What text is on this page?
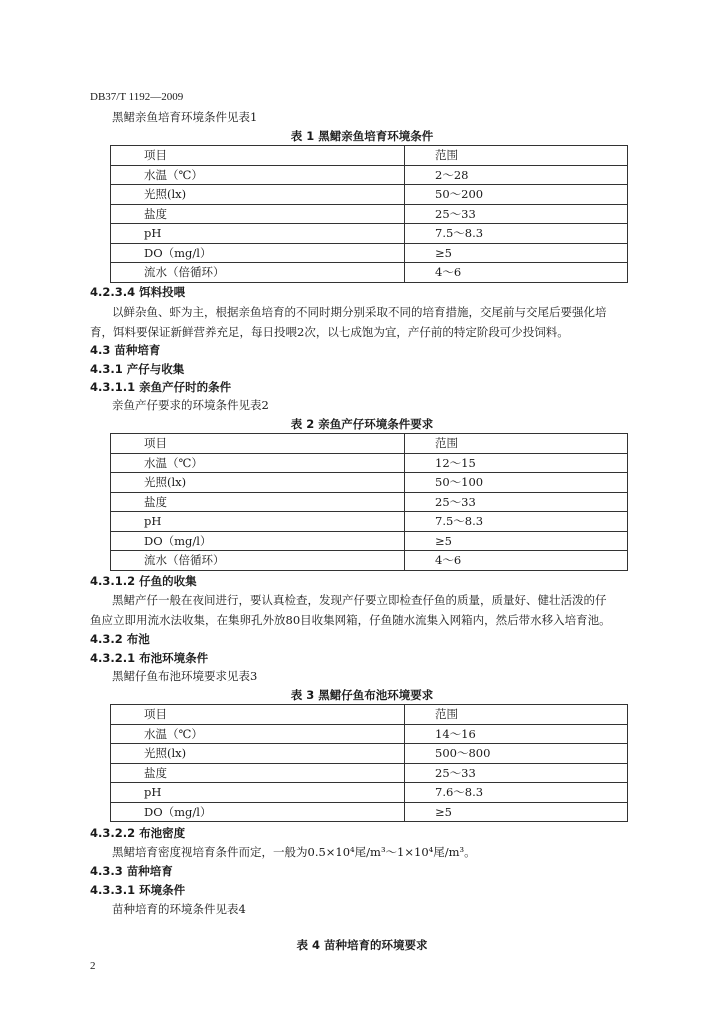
DB37/T 1192—2009
黑鲪亲鱼培育环境条件见表1
表 1 黑鲪亲鱼培育环境条件
项目	范围
水温（℃）	2～28
光照(lx)	50～200
盐度	25～33
pH	7.5～8.3
DO（mg/l）	≥5
流水（倍循环）	4～6
4.2.3.4 饵料投喂

以鲜杂鱼、虾为主，根据亲鱼培育的不同时期分别采取不同的培育措施，交尾前与交尾后要强化培

育，饵料要保证新鲜营养充足，每日投喂2次，以七成饱为宜，产仔前的特定阶段可少投饲料。

4.3 苗种培育
4.3.1 产仔与收集
4.3.1.1 亲鱼产仔时的条件
亲鱼产仔要求的环境条件见表2
表 2 亲鱼产仔环境条件要求
项目	范围
水温（℃）	12～15
光照(lx)	50～100
盐度	25～33
pH	7.5～8.3
DO（mg/l）	≥5
流水（倍循环）	4～6
4.3.1.2 仔鱼的收集

黑鲪产仔一般在夜间进行，要认真检查，发现产仔要立即检查仔鱼的质量，质量好、健壮活泼的仔

鱼应立即用流水法收集，在集卵孔外放80目收集网箱，仔鱼随水流集入网箱内，然后带水移入培育池。

4.3.2 布池
4.3.2.1 布池环境条件
黑鲪仔鱼布池环境要求见表3
表 3 黑鲪仔鱼布池环境要求
项目	范围
水温（℃）	14～16
光照(lx)	500～800
盐度	25～33
pH	7.6～8.3
DO（mg/l）	≥5
4.3.2.2 布池密度
黑鲪培育密度视培育条件而定，一般为0.5×10⁴尾/m³～1×10⁴尾/m³。
4.3.3 苗种培育
4.3.3.1 环境条件
苗种培育的环境条件见表4
表 4 苗种培育的环境要求
2
